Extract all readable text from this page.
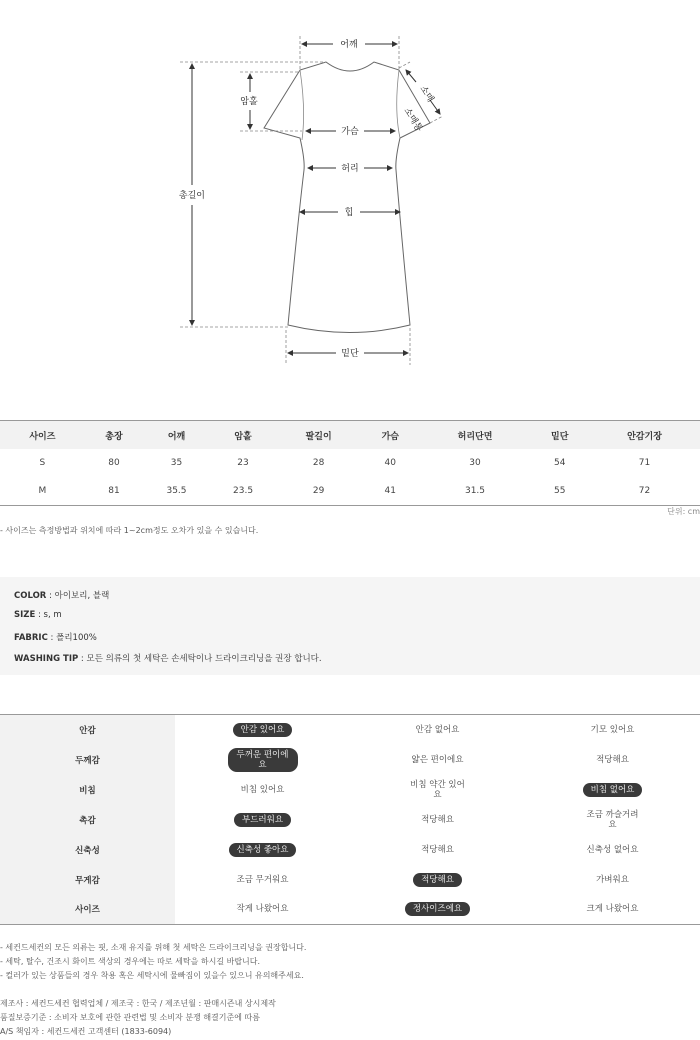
어깨
총길이
암홀
가슴
허리
힙
밑단
소매
소매통
사이즈	총장	어깨	암홀	팔길이	가슴	허리단면	밑단	안감기장
S	80	35	23	28	40	30	54	71
M	81	35.5	23.5	29	41	31.5	55	72
단위: cm
- 사이즈는 측정방법과 위치에 따라 1~2cm정도 오차가 있을 수 있습니다.
COLOR : 아이보리, 블랙
SIZE : s, m
FABRIC : 폴리100%
WASHING TIP : 모든 의류의 첫 세탁은 손세탁이나 드라이크리닝을 권장 합니다.
안감	안감 있어요	안감 없어요	기모 있어요
두께감	두꺼운 편이에요	얇은 편이에요	적당해요
비침	비침 있어요	비침 약간 있어요	비침 없어요
촉감	부드러워요	적당해요	조금 까슬거려요
신축성	신축성 좋아요	적당해요	신축성 없어요
무게감	조금 무거워요	적당해요	가벼워요
사이즈	작게 나왔어요	정사이즈에요	크게 나왔어요
- 세컨드세컨의 모든 의류는 핏, 소재 유지를 위해 첫 세탁은 드라이크리닝을 권장합니다.
- 세탁, 탈수, 건조시 화이트 색상의 경우에는 따로 세탁을 하시길 바랍니다.
- 컬러가 있는 상품들의 경우 착용 혹은 세탁시에 물빠짐이 있을수 있으니 유의해주세요.
제조사 : 세컨드세컨 협력업체 / 제조국 : 한국 / 제조년월 : 판매시즌내 상시제작
품질보증기준 : 소비자 보호에 관한 관련법 및 소비자 분쟁 해결기준에 따름
A/S 책임자 : 세컨드세컨 고객센터 (1833-6094)
